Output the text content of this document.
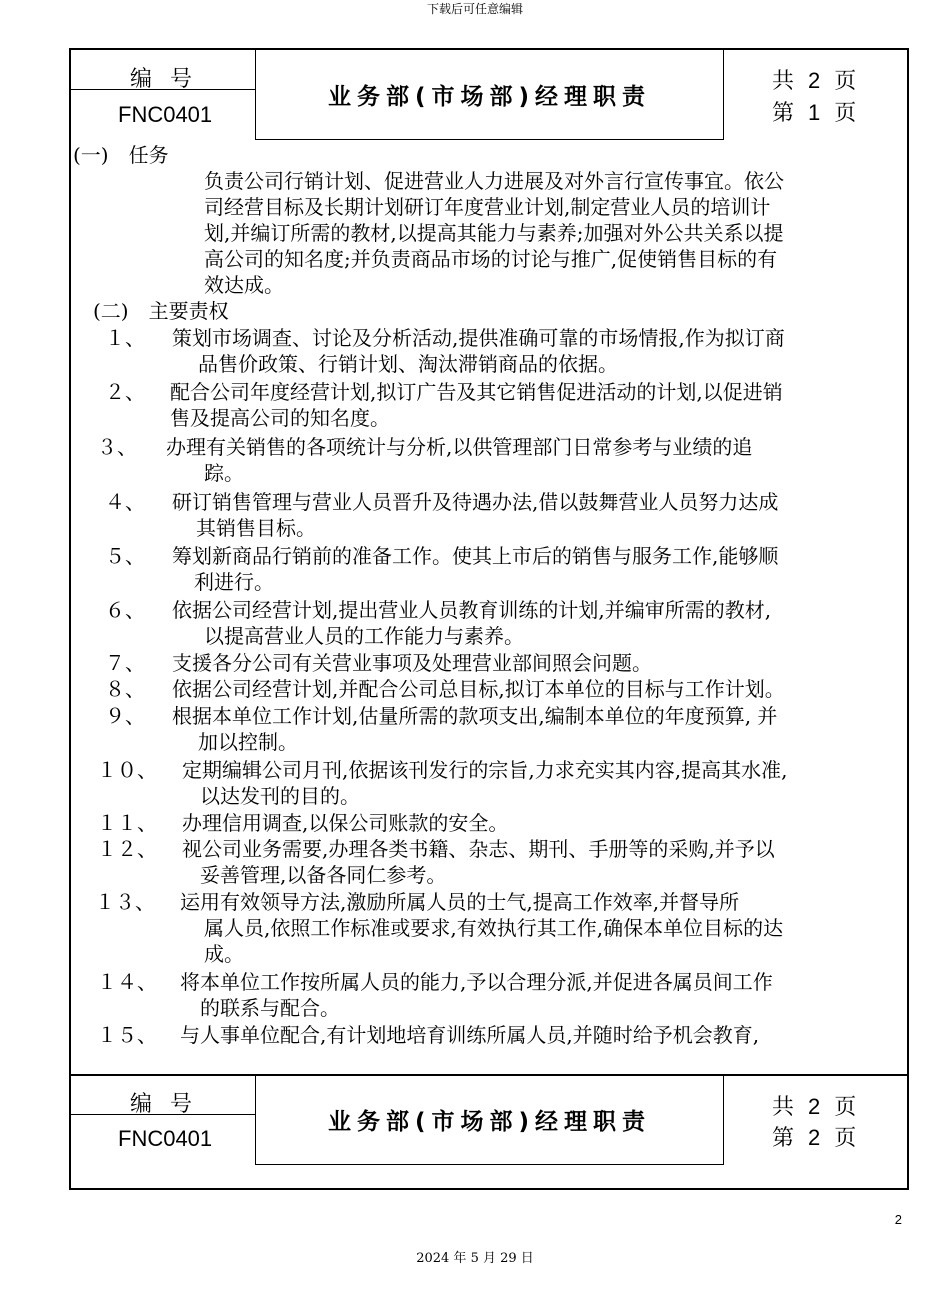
下载后可任意编辑
编号
FNC0401
业务部(市场部)经理职责
共 2 页
第 1 页
(一)　任务
负责公司行销计划、促进营业人力进展及对外言行宣传事宜。依公
司经营目标及长期计划研订年度营业计划,制定营业人员的培训计
划,并编订所需的教材,以提高其能力与素养;加强对外公共关系以提
高公司的知名度;并负责商品市场的讨论与推广,促使销售目标的有
效达成。
(二)　主要责权
１、 策划市场调查、讨论及分析活动,提供准确可靠的市场情报,作为拟订商
品售价政策、行销计划、淘汰滞销商品的依据。
２、 配合公司年度经营计划,拟订广告及其它销售促进活动的计划,以促进销
售及提高公司的知名度。
３、 办理有关销售的各项统计与分析,以供管理部门日常参考与业绩的追
踪。
４、 研订销售管理与营业人员晋升及待遇办法,借以鼓舞营业人员努力达成
其销售目标。
５、 筹划新商品行销前的准备工作。使其上市后的销售与服务工作,能够顺
利进行。
６、 依据公司经营计划,提出营业人员教育训练的计划,并编审所需的教材,
以提高营业人员的工作能力与素养。
７、 支援各分公司有关营业事项及处理营业部间照会问题。
８、 依据公司经营计划,并配合公司总目标,拟订本单位的目标与工作计划。
９、 根据本单位工作计划,估量所需的款项支出,编制本单位的年度预算, 并
加以控制。
１０、 定期编辑公司月刊,依据该刊发行的宗旨,力求充实其内容,提高其水准,
以达发刊的目的。
１１、 办理信用调查,以保公司账款的安全。
１２、 视公司业务需要,办理各类书籍、杂志、期刊、手册等的采购,并予以
妥善管理,以备各同仁参考。
１３、 运用有效领导方法,激励所属人员的士气,提高工作效率,并督导所
属人员,依照工作标准或要求,有效执行其工作,确保本单位目标的达
成。
１４、 将本单位工作按所属人员的能力,予以合理分派,并促进各属员间工作
的联系与配合。
１５、 与人事单位配合,有计划地培育训练所属人员,并随时给予机会教育,
编号
FNC0401
业务部(市场部)经理职责
共 2 页
第 2 页
2
2024 年 5 月 29 日
